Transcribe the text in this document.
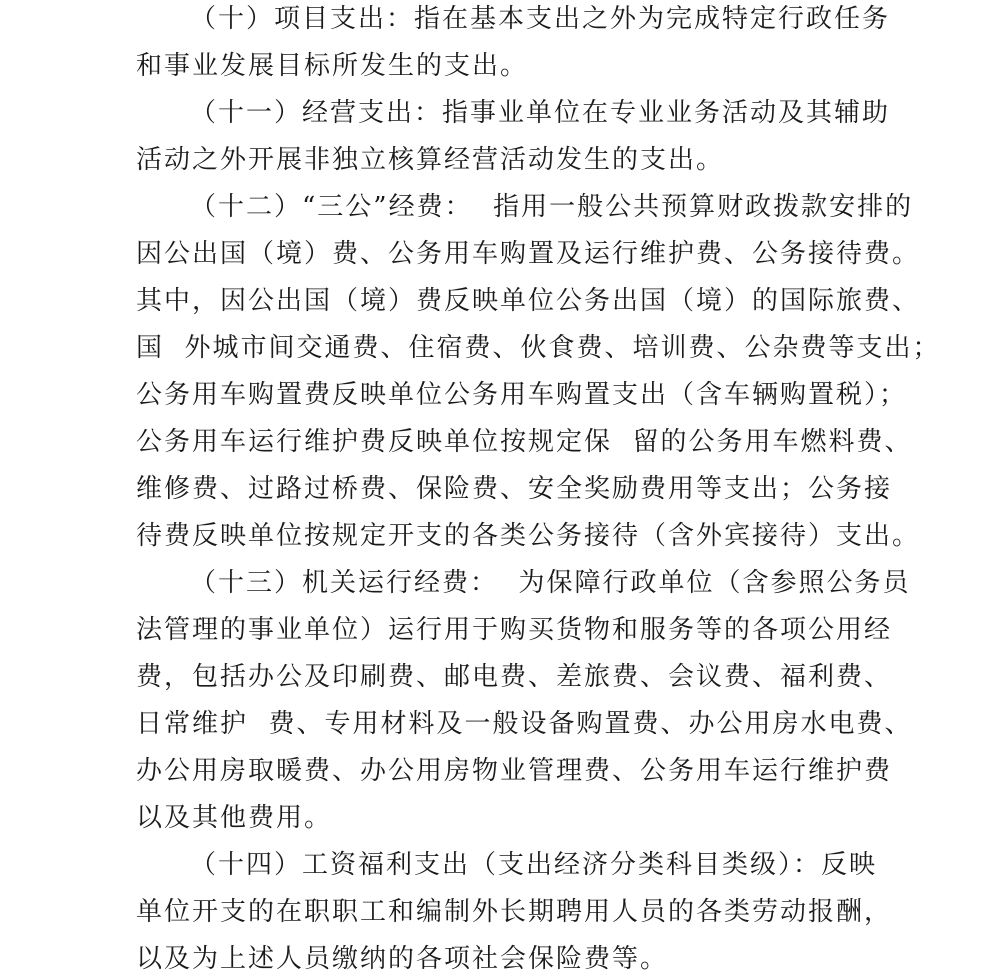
（十）项目支出：指在基本支出之外为完成特定行政任务

和事业发展目标所发生的支出。

（十一）经营支出：指事业单位在专业业务活动及其辅助

活动之外开展非独立核算经营活动发生的支出。

（十二）“三公”经费：  指用一般公共预算财政拨款安排的

因公出国（境）费、公务用车购置及运行维护费、公务接待费。

其中，因公出国（境）费反映单位公务出国（境）的国际旅费、

国  外城市间交通费、住宿费、伙食费、培训费、公杂费等支出；

公务用车购置费反映单位公务用车购置支出（含车辆购置税）；

公务用车运行维护费反映单位按规定保  留的公务用车燃料费、

维修费、过路过桥费、保险费、安全奖励费用等支出；公务接

待费反映单位按规定开支的各类公务接待（含外宾接待）支出。

（十三）机关运行经费：  为保障行政单位（含参照公务员

法管理的事业单位）运行用于购买货物和服务等的各项公用经

费，包括办公及印刷费、邮电费、差旅费、会议费、福利费、

日常维护  费、专用材料及一般设备购置费、办公用房水电费、

办公用房取暖费、办公用房物业管理费、公务用车运行维护费

以及其他费用。

（十四）工资福利支出（支出经济分类科目类级）：反映

单位开支的在职职工和编制外长期聘用人员的各类劳动报酬，

以及为上述人员缴纳的各项社会保险费等。
